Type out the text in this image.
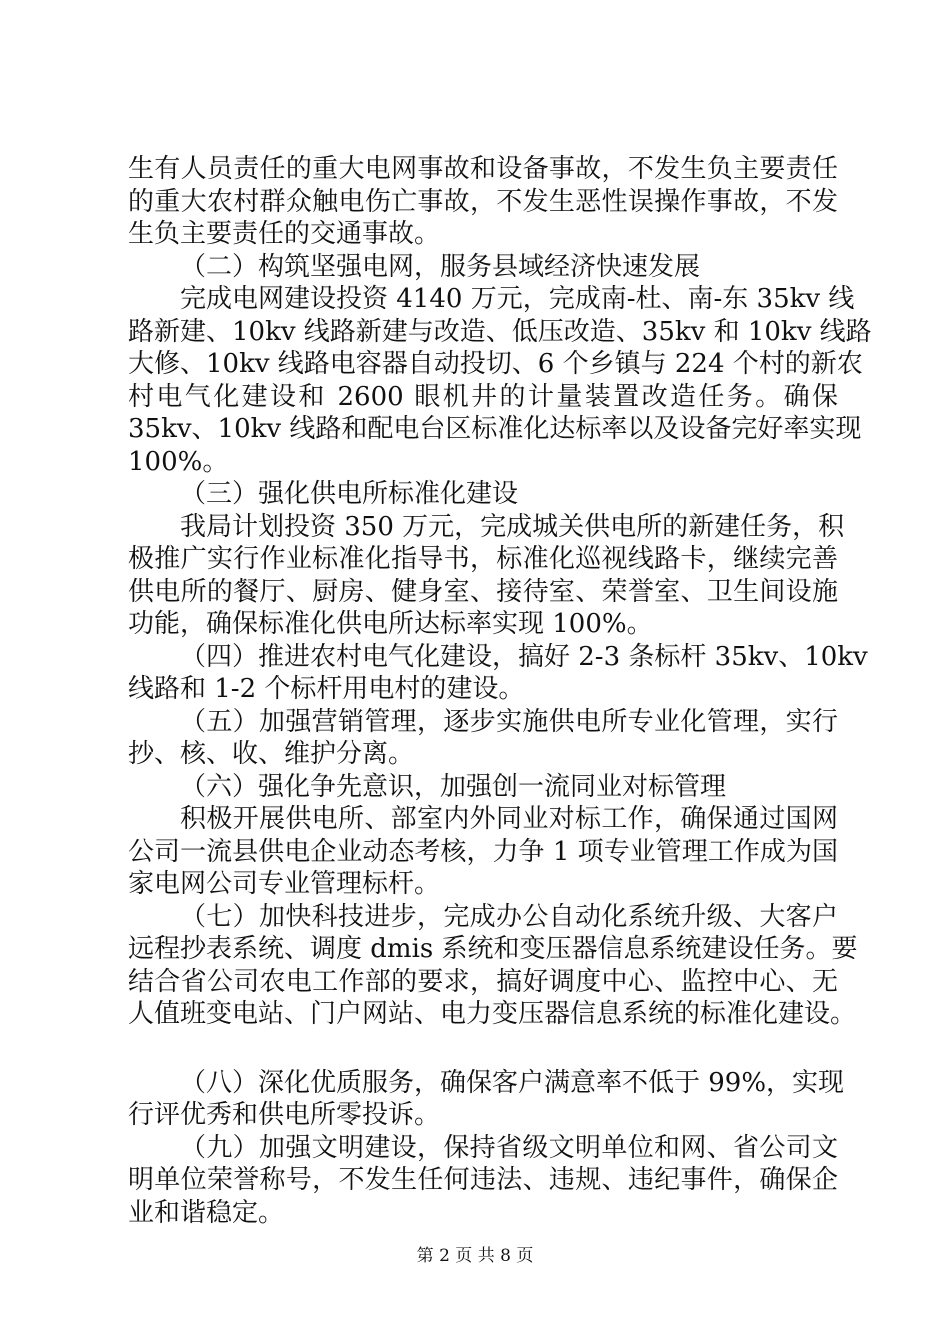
生有人员责任的重大电网事故和设备事故，不发生负主要责任
的重大农村群众触电伤亡事故，不发生恶性误操作事故，不发
生负主要责任的交通事故。
（二）构筑坚强电网，服务县域经济快速发展
完成电网建设投资 4140 万元，完成南-杜、南-东 35kv 线
路新建、10kv 线路新建与改造、低压改造、35kv 和 10kv 线路
大修、10kv 线路电容器自动投切、6 个乡镇与 224 个村的新农
村电气化建设和 2600 眼机井的计量装置改造任务。确保
35kv、10kv 线路和配电台区标准化达标率以及设备完好率实现
100%。
（三）强化供电所标准化建设
我局计划投资 350 万元，完成城关供电所的新建任务，积
极推广实行作业标准化指导书，标准化巡视线路卡，继续完善
供电所的餐厅、厨房、健身室、接待室、荣誉室、卫生间设施
功能，确保标准化供电所达标率实现 100%。
（四）推进农村电气化建设，搞好 2-3 条标杆 35kv、10kv
线路和 1-2 个标杆用电村的建设。
（五）加强营销管理，逐步实施供电所专业化管理，实行
抄、核、收、维护分离。
（六）强化争先意识，加强创一流同业对标管理
积极开展供电所、部室内外同业对标工作，确保通过国网
公司一流县供电企业动态考核，力争 1 项专业管理工作成为国
家电网公司专业管理标杆。
（七）加快科技进步，完成办公自动化系统升级、大客户
远程抄表系统、调度 dmis 系统和变压器信息系统建设任务。要
结合省公司农电工作部的要求，搞好调度中心、监控中心、无
人值班变电站、门户网站、电力变压器信息系统的标准化建设。
（八）深化优质服务，确保客户满意率不低于 99%，实现
行评优秀和供电所零投诉。
（九）加强文明建设，保持省级文明单位和网、省公司文
明单位荣誉称号，不发生任何违法、违规、违纪事件，确保企
业和谐稳定。
第 2 页 共 8 页
